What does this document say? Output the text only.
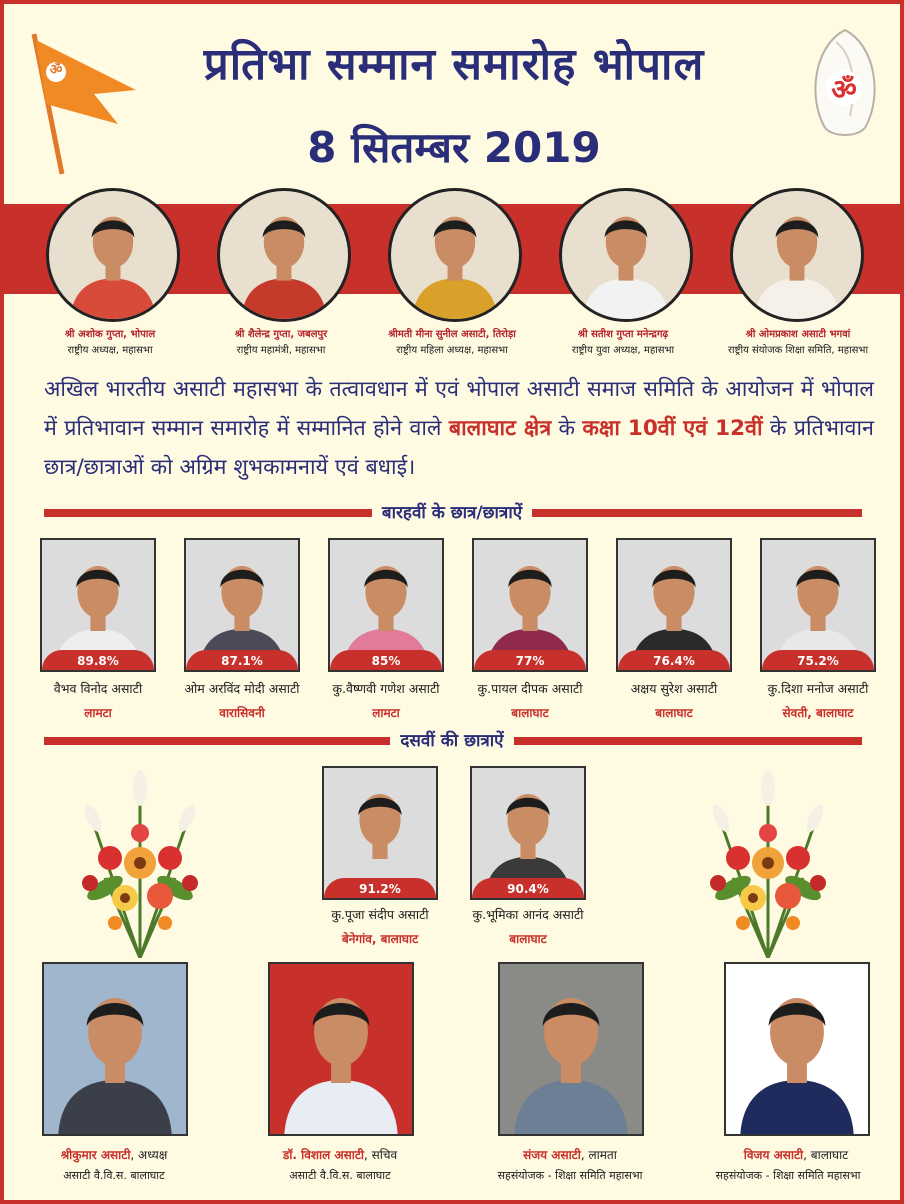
ॐ
ॐ
प्रतिभा सम्मान समारोह भोपाल
8 सितम्बर 2019
श्री अशोक गुप्ता, भोपाल
राष्ट्रीय अध्यक्ष, महासभा
श्री शैलेन्द्र गुप्ता, जबलपुर
राष्ट्रीय महामंत्री, महासभा
श्रीमती मीना सुनील असाटी, तिरोड़ा
राष्ट्रीय महिला अध्यक्ष, महासभा
श्री सतीश गुप्ता मनेन्द्रगढ़
राष्ट्रीय युवा अध्यक्ष, महासभा
श्री ओमप्रकाश असाटी भगवां
राष्ट्रीय संयोजक शिक्षा समिति, महासभा
अखिल भारतीय असाटी महासभा के तत्वावधान में एवं भोपाल असाटी समाज समिति के आयोजन में भोपाल में प्रतिभावान सम्मान समारोह में सम्मानित होने वाले बालाघाट क्षेत्र के कक्षा 10वीं एवं 12वीं के प्रतिभावान छात्र/छात्राओं को अग्रिम शुभकामनायें एवं बधाई।
बारहवीं के छात्र/छात्राऐं
89.8%	87.1%	85%	77%	76.4%	75.2%
वैभव विनोद असाटी
लामटा
ओम अरविंद मोदी असाटी
वारासिवनी
कु.वैष्णवी गणेश असाटी
लामटा
कु.पायल दीपक असाटी
बालाघाट
अक्षय सुरेश असाटी
बालाघाट
कु.दिशा मनोज असाटी
सेवती, बालाघाट
दसवीं की छात्राऐं
91.2%	90.4%
कु.पूजा संदीप असाटी
बेनेगांव, बालाघाट
कु.भूमिका आनंद असाटी
बालाघाट
श्रीकुमार असाटी, अध्यक्ष
असाटी वै.वि.स. बालाघाट
डॉ. विशाल असाटी, सचिव
असाटी वै.वि.स. बालाघाट
संजय असाटी, लामता
सहसंयोजक - शिक्षा समिति महासभा
विजय असाटी, बालाघाट
सहसंयोजक - शिक्षा समिति महासभा
